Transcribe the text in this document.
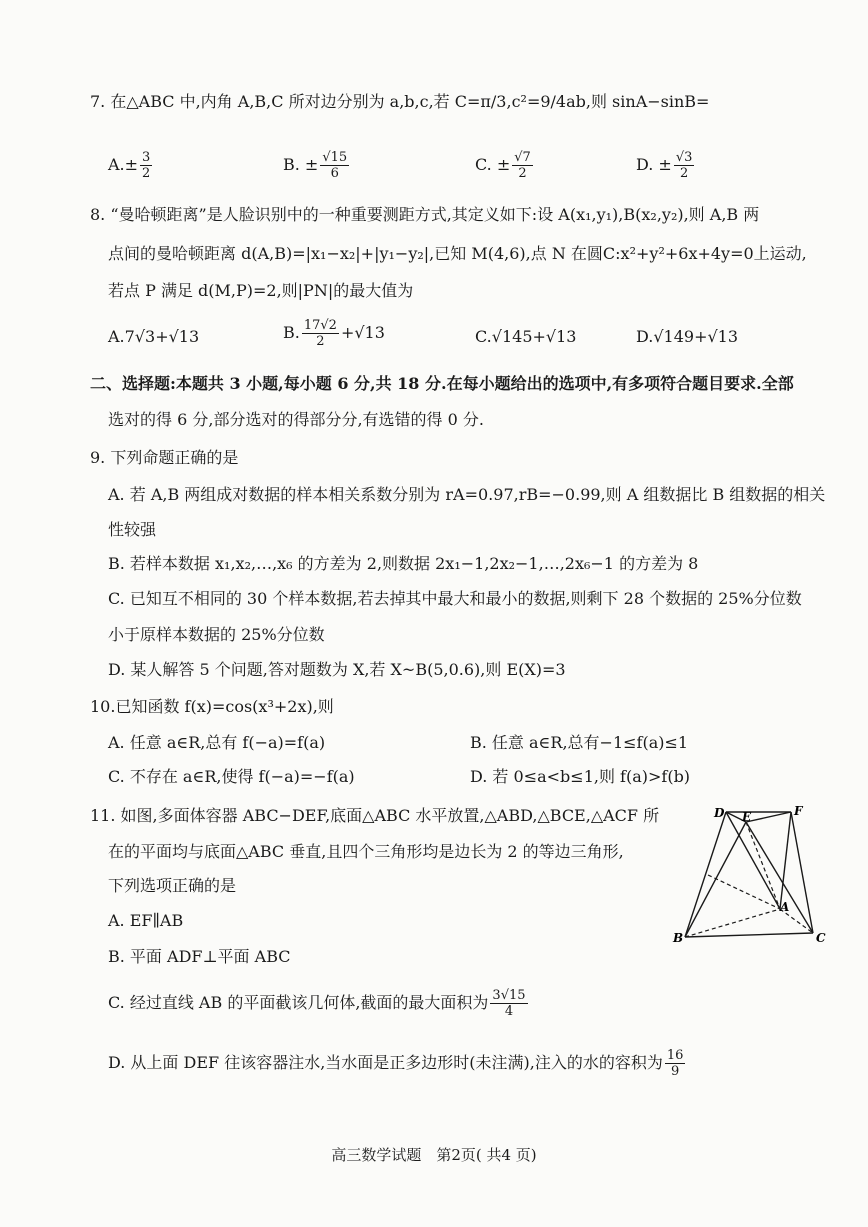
7. 在△ABC 中,内角 A,B,C 所对边分别为 a,b,c,若 C=π/3,c²=9/4ab,则 sinA−sinB=
$A.\pm \frac{3}{2}$	B. ± $\frac{√15}{6}$	C. ± $\frac{√7}{2}$	D. ± $\frac{√3}{2}$
8. “曼哈顿距离”是人脸识别中的一种重要测距方式,其定义如下:设 A(x₁,y₁),B(x₂,y₂),则 A,B 两
点间的曼哈顿距离 d(A,B)=|x₁−x₂|+|y₁−y₂|,已知 M(4,6),点 N 在圆C:x²+y²+6x+4y=0上运动,
若点 P 满足 d(M,P)=2,则|PN|的最大值为
A.7√3+√13	B. $\frac{17√2}{2} +√13$	C.√145+√13	D.√149+√13
二、选择题:本题共 3 小题,每小题 6 分,共 18 分.在每小题给出的选项中,有多项符合题目要求.全部
选对的得 6 分,部分选对的得部分分,有选错的得 0 分.
9. 下列命题正确的是
A. 若 A,B 两组成对数据的样本相关系数分别为 rA=0.97,rB=−0.99,则 A 组数据比 B 组数据的相关
性较强
B. 若样本数据 x₁,x₂,…,x₆ 的方差为 2,则数据 2x₁−1,2x₂−1,…,2x₆−1 的方差为 8
C. 已知互不相同的 30 个样本数据,若去掉其中最大和最小的数据,则剩下 28 个数据的 25%分位数
小于原样本数据的 25%分位数
D. 某人解答 5 个问题,答对题数为 X,若 X~B(5,0.6),则 E(X)=3
10.已知函数 f(x)=cos(x³+2x),则
A. 任意 a∈R,总有 f(−a)=f(a)	B. 任意 a∈R,总有−1≤f(a)≤1
C. 不存在 a∈R,使得 f(−a)=−f(a)	D. 若 0≤a<b≤1,则 f(a)>f(b)
11. 如图,多面体容器 ABC−DEF,底面△ABC 水平放置,△ABD,△BCE,△ACF 所
在的平面均与底面△ABC 垂直,且四个三角形均是边长为 2 的等边三角形,
下列选项正确的是
A. EF∥AB
B. 平面 ADF⊥平面 ABC
C. 经过直线 AB 的平面截该几何体,截面的最大面积为 $\frac{3√15}{4}$
D. 从上面 DEF 往该容器注水,当水面是正多边形时(未注满),注入的水的容积为 $\frac{16}{9}$
D E	F
A
B	C
高三数学试题　第2页( 共4 页)
